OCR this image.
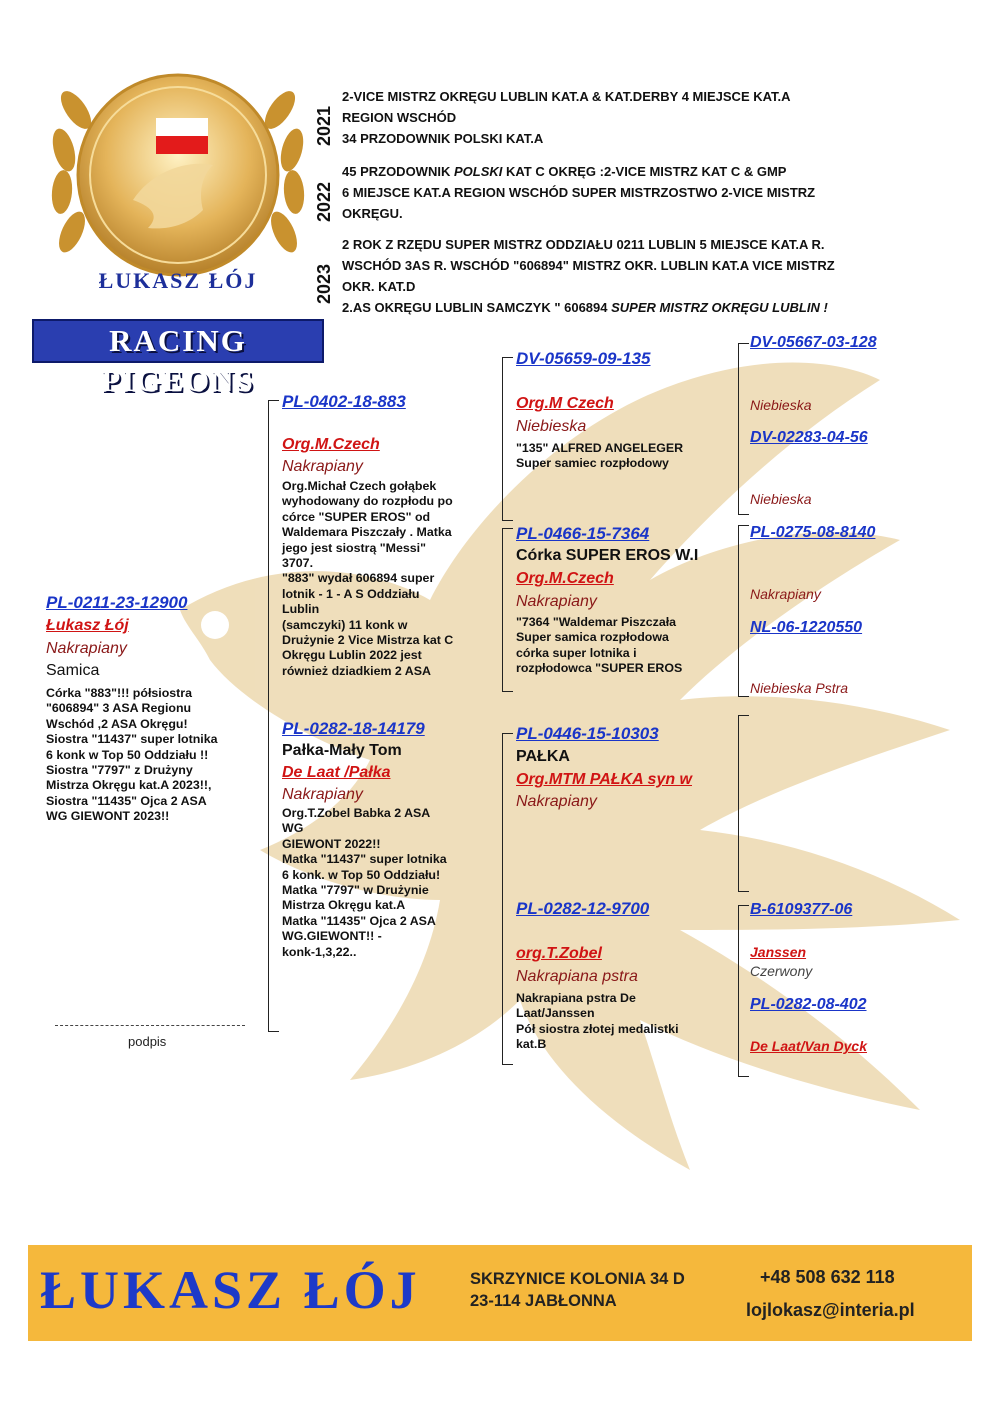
ŁUKASZ ŁÓJ
RACING PIGEONS
2021
2-VICE MISTRZ OKRĘGU LUBLIN KAT.A & KAT.DERBY 4 MIEJSCE KAT.A
REGION WSCHÓD
34 PRZODOWNIK POLSKI KAT.A
2022
45 PRZODOWNIK POLSKI KAT C OKRĘG :2-VICE MISTRZ KAT C & GMP
6 MIEJSCE KAT.A REGION WSCHÓD SUPER MISTRZOSTWO 2-VICE MISTRZ
OKRĘGU.
2023
2 ROK Z RZĘDU SUPER MISTRZ ODDZIAŁU 0211 LUBLIN 5 MIEJSCE KAT.A R.
WSCHÓD 3AS R. WSCHÓD "606894" MISTRZ OKR. LUBLIN KAT.A VICE MISTRZ
OKR. KAT.D
2.AS OKRĘGU LUBLIN SAMCZYK " 606894 SUPER MISTRZ OKRĘGU LUBLIN !
PL-0211-23-12900
Łukasz Łój
Nakrapiany
Samica
Córka "883"!!! półsiostra
"606894" 3 ASA Regionu
Wschód ,2 ASA Okręgu!
Siostra "11437" super lotnika
6 konk w Top 50 Oddziału !!
Siostra "7797" z Drużyny
Mistrza Okręgu kat.A 2023!!,
Siostra "11435" Ojca 2 ASA
WG GIEWONT 2023!!
PL-0402-18-883
Org.M.Czech
Nakrapiany
Org.Michał Czech gołąbek
wyhodowany do rozpłodu po
córce "SUPER EROS" od
Waldemara Piszczały . Matka
jego jest siostrą "Messi"
3707.
"883" wydał 606894 super
lotnik - 1 - A S Oddziału
Lublin
(samczyki) 11 konk w
Drużynie 2 Vice Mistrza kat C
Okręgu Lublin 2022 jest
również dziadkiem 2 ASA
PL-0282-18-14179
Pałka-Mały Tom
De Laat /Pałka
Nakrapiany
Org.T.Zobel Babka 2 ASA
WG
GIEWONT 2022!!
Matka "11437" super lotnika
6 konk. w Top 50 Oddziału!
Matka "7797" w Drużynie
Mistrza Okręgu kat.A
Matka "11435" Ojca 2 ASA
WG.GIEWONT!! -
konk-1,3,22..
DV-05659-09-135
Org.M Czech
Niebieska
"135" ALFRED ANGELEGER
Super samiec rozpłodowy
PL-0466-15-7364
Córka SUPER EROS W.I
Org.M.Czech
Nakrapiany
"7364 "Waldemar Piszczała
Super samica rozpłodowa
córka super lotnika i
rozpłodowca "SUPER EROS
PL-0446-15-10303
PAŁKA
Org.MTM PAŁKA syn w
Nakrapiany
PL-0282-12-9700
org.T.Zobel
Nakrapiana pstra
Nakrapiana pstra De
Laat/Janssen
Pół siostra złotej medalistki
kat.B
DV-05667-03-128
Niebieska
DV-02283-04-56
Niebieska
PL-0275-08-8140
Nakrapiany
NL-06-1220550
Niebieska Pstra
B-6109377-06
Janssen
Czerwony
PL-0282-08-402
De Laat/Van Dyck
podpis
ŁUKASZ ŁÓJ	SKRZYNICE KOLONIA 34 D
23-114 JABŁONNA
+48 508 632 118
lojlokasz@interia.pl
